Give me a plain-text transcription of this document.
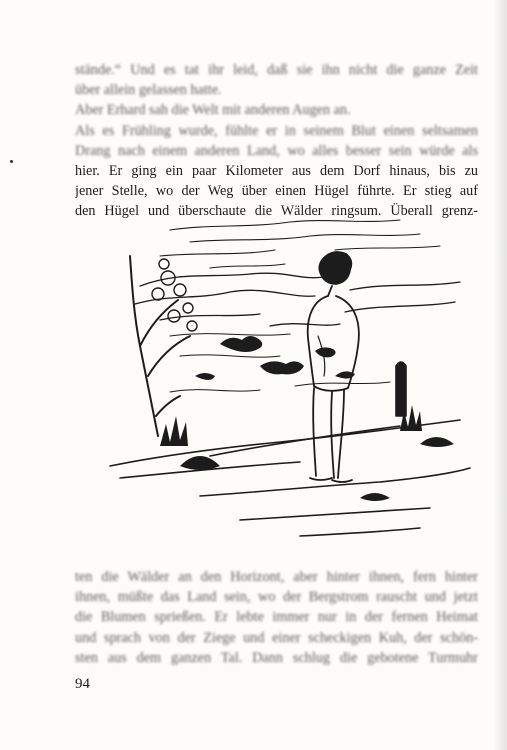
stände.“ Und es tat ihr leid, daß sie ihn nicht die ganze Zeit
über allein gelassen hatte.
Aber Erhard sah die Welt mit anderen Augen an.
Als es Frühling wurde, fühlte er in seinem Blut einen seltsamen
Drang nach einem anderen Land, wo alles besser sein würde als
hier. Er ging ein paar Kilometer aus dem Dorf hinaus, bis zu
jener Stelle, wo der Weg über einen Hügel führte. Er stieg auf
den Hügel und überschaute die Wälder ringsum. Überall grenz-
ten die Wälder an den Horizont, aber hinter ihnen, fern hinter
ihnen, müßte das Land sein, wo der Bergstrom rauscht und jetzt
die Blumen sprießen. Er lebte immer nur in der fernen Heimat
und sprach von der Ziege und einer scheckigen Kuh, der schön-
sten aus dem ganzen Tal. Dann schlug die gebotene Turmuhr
94
